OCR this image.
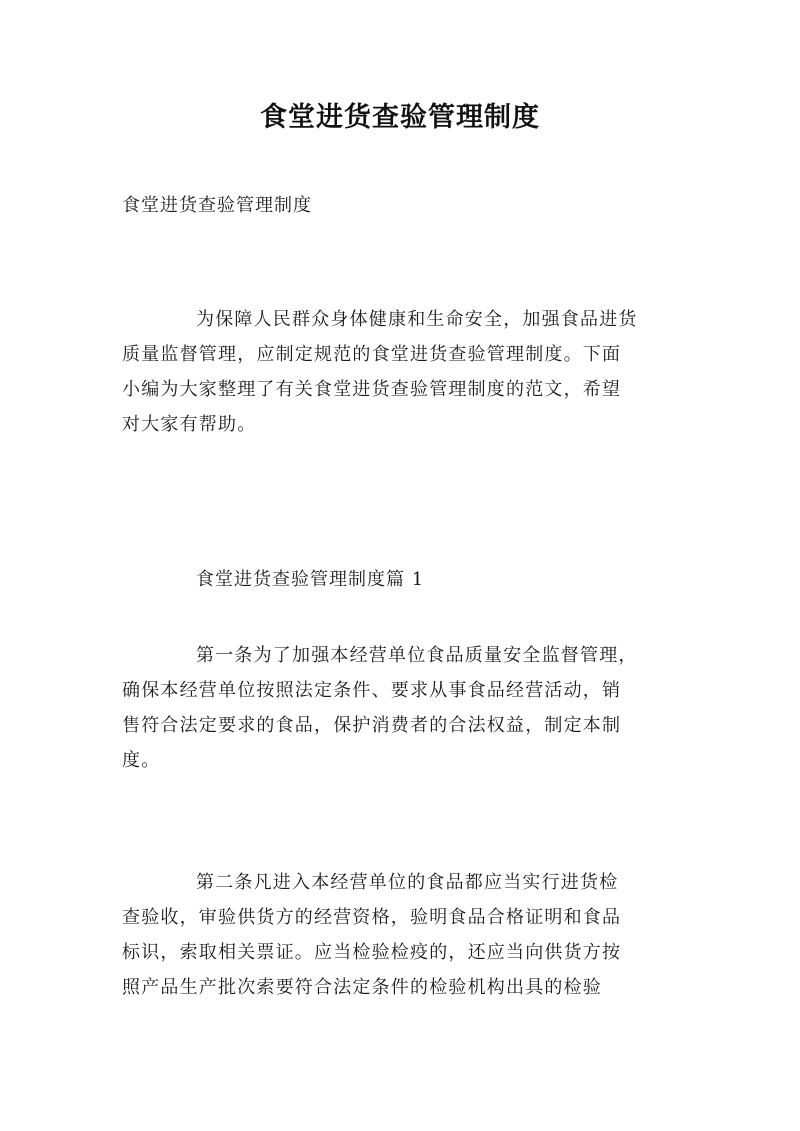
食堂进货查验管理制度
食堂进货查验管理制度
为保障人民群众身体健康和生命安全，加强食品进货
质量监督管理，应制定规范的食堂进货查验管理制度。下面
小编为大家整理了有关食堂进货查验管理制度的范文，希望
对大家有帮助。
食堂进货查验管理制度篇 1
第一条为了加强本经营单位食品质量安全监督管理，
确保本经营单位按照法定条件、要求从事食品经营活动，销
售符合法定要求的食品，保护消费者的合法权益，制定本制
度。
第二条凡进入本经营单位的食品都应当实行进货检
查验收，审验供货方的经营资格，验明食品合格证明和食品
标识，索取相关票证。应当检验检疫的，还应当向供货方按
照产品生产批次索要符合法定条件的检验机构出具的检验
